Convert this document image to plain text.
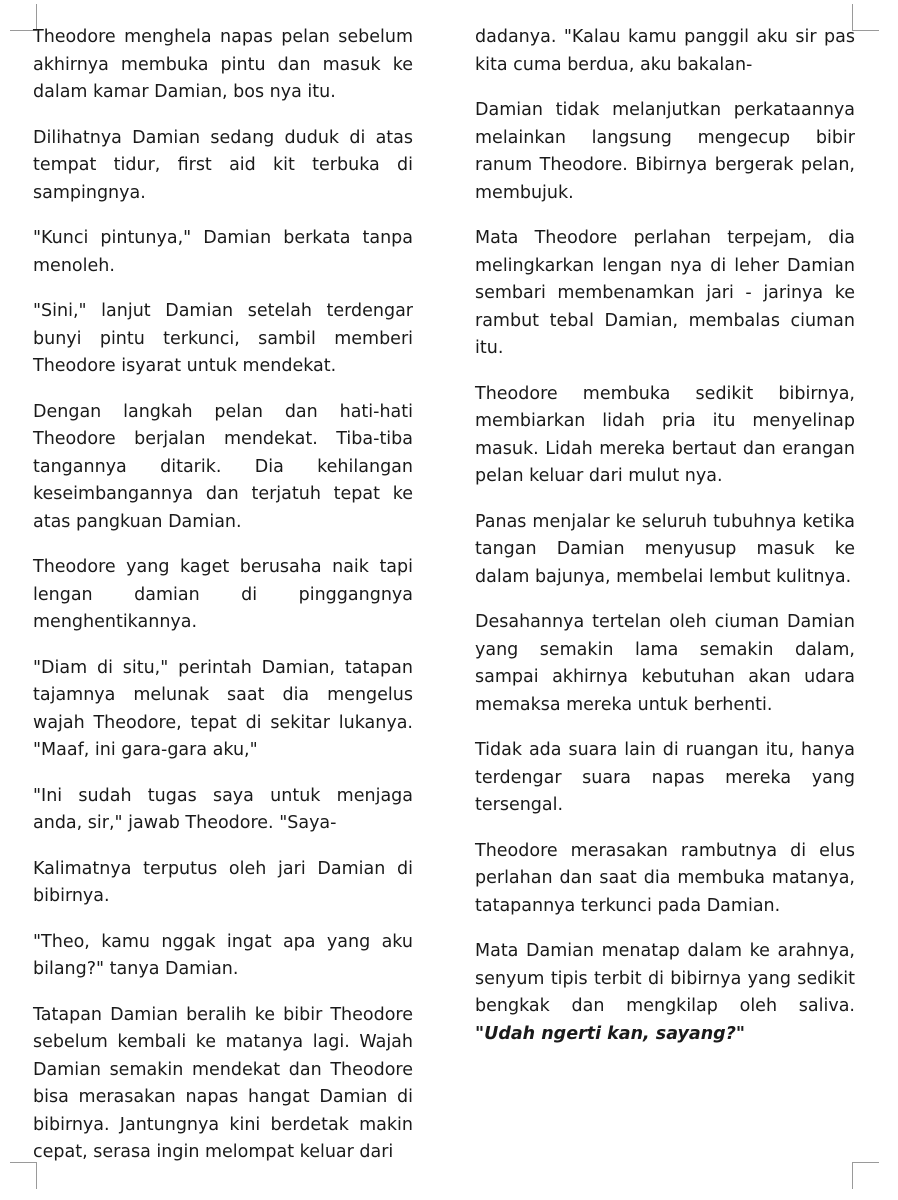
Theodore menghela napas pelan sebelum akhirnya membuka pintu dan masuk ke dalam kamar Damian, bos nya itu.

Dilihatnya Damian sedang duduk di atas tempat tidur, first aid kit terbuka di sampingnya.

"Kunci pintunya," Damian berkata tanpa menoleh.

"Sini," lanjut Damian setelah terdengar bunyi pintu terkunci, sambil memberi Theodore isyarat untuk mendekat.

Dengan langkah pelan dan hati-hati Theodore berjalan mendekat. Tiba-tiba tangannya ditarik. Dia kehilangan keseimbangannya dan terjatuh tepat ke atas pangkuan Damian.

Theodore yang kaget berusaha naik tapi lengan damian di pinggangnya menghentikannya.

"Diam di situ," perintah Damian, tatapan tajamnya melunak saat dia mengelus wajah Theodore, tepat di sekitar lukanya. "Maaf, ini gara-gara aku,"

"Ini sudah tugas saya untuk menjaga anda, sir," jawab Theodore. "Saya-

Kalimatnya terputus oleh jari Damian di bibirnya.

"Theo, kamu nggak ingat apa yang aku bilang?" tanya Damian.

Tatapan Damian beralih ke bibir Theodore sebelum kembali ke matanya lagi. Wajah Damian semakin mendekat dan Theodore bisa merasakan napas hangat Damian di bibirnya. Jantungnya kini berdetak makin cepat, serasa ingin melompat keluar dari

dadanya. "Kalau kamu panggil aku sir pas kita cuma berdua, aku bakalan-

Damian tidak melanjutkan perkataannya melainkan langsung mengecup bibir ranum Theodore. Bibirnya bergerak pelan, membujuk.

Mata Theodore perlahan terpejam, dia melingkarkan lengan nya di leher Damian sembari membenamkan jari - jarinya ke rambut tebal Damian, membalas ciuman itu.

Theodore membuka sedikit bibirnya, membiarkan lidah pria itu menyelinap masuk. Lidah mereka bertaut dan erangan pelan keluar dari mulut nya.

Panas menjalar ke seluruh tubuhnya ketika tangan Damian menyusup masuk ke dalam bajunya, membelai lembut kulitnya.

Desahannya tertelan oleh ciuman Damian yang semakin lama semakin dalam, sampai akhirnya kebutuhan akan udara memaksa mereka untuk berhenti.

Tidak ada suara lain di ruangan itu, hanya terdengar suara napas mereka yang tersengal.

Theodore merasakan rambutnya di elus perlahan dan saat dia membuka matanya, tatapannya terkunci pada Damian.

Mata Damian menatap dalam ke arahnya, senyum tipis terbit di bibirnya yang sedikit bengkak dan mengkilap oleh saliva. "Udah ngerti kan, sayang?"
